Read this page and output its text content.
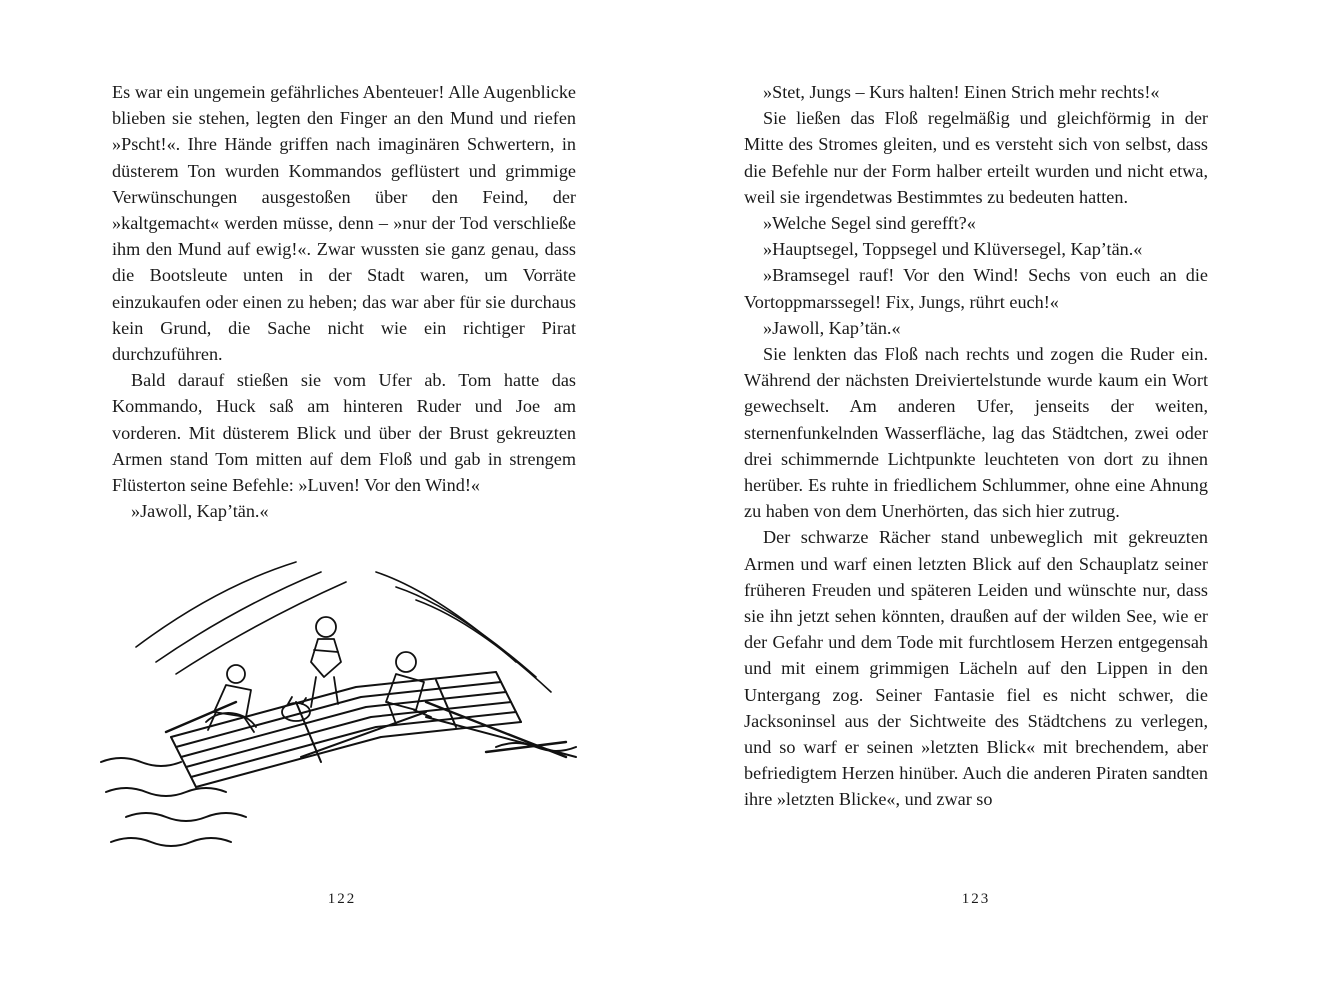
Es war ein ungemein gefährliches Abenteuer! Alle Augenblicke blieben sie stehen, legten den Finger an den Mund und riefen »Pscht!«. Ihre Hände griffen nach imaginären Schwertern, in düsterem Ton wurden Kommandos geflüstert und grimmige Verwünschungen ausgestoßen über den Feind, der »kaltgemacht« werden müsse, denn – »nur der Tod verschließe ihm den Mund auf ewig!«. Zwar wussten sie ganz genau, dass die Bootsleute unten in der Stadt waren, um Vorräte einzukaufen oder einen zu heben; das war aber für sie durchaus kein Grund, die Sache nicht wie ein richtiger Pirat durchzuführen.

Bald darauf stießen sie vom Ufer ab. Tom hatte das Kommando, Huck saß am hinteren Ruder und Joe am vorderen. Mit düsterem Blick und über der Brust gekreuzten Armen stand Tom mitten auf dem Floß und gab in strengem Flüsterton seine Befehle: »Luven! Vor den Wind!«

»Jawoll, Kap’tän.«

122

»Stet, Jungs – Kurs halten! Einen Strich mehr rechts!«

Sie ließen das Floß regelmäßig und gleichförmig in der Mitte des Stromes gleiten, und es versteht sich von selbst, dass die Befehle nur der Form halber erteilt wurden und nicht etwa, weil sie irgendetwas Bestimmtes zu bedeuten hatten.

»Welche Segel sind gerefft?«

»Hauptsegel, Toppsegel und Klüversegel, Kap’tän.«

»Bramsegel rauf! Vor den Wind! Sechs von euch an die Vortoppmarssegel! Fix, Jungs, rührt euch!«

»Jawoll, Kap’tän.«

Sie lenkten das Floß nach rechts und zogen die Ruder ein. Während der nächsten Dreiviertelstunde wurde kaum ein Wort gewechselt. Am anderen Ufer, jenseits der weiten, sternenfunkelnden Wasserfläche, lag das Städtchen, zwei oder drei schimmernde Lichtpunkte leuchteten von dort zu ihnen herüber. Es ruhte in friedlichem Schlummer, ohne eine Ahnung zu haben von dem Unerhörten, das sich hier zutrug.

Der schwarze Rächer stand unbeweglich mit gekreuzten Armen und warf einen letzten Blick auf den Schauplatz seiner früheren Freuden und späteren Leiden und wünschte nur, dass sie ihn jetzt sehen könnten, draußen auf der wilden See, wie er der Gefahr und dem Tode mit furchtlosem Herzen entgegensah und mit einem grimmigen Lächeln auf den Lippen in den Untergang zog. Seiner Fantasie fiel es nicht schwer, die Jacksoninsel aus der Sichtweite des Städtchens zu verlegen, und so warf er seinen »letzten Blick« mit brechendem, aber befriedigtem Herzen hinüber. Auch die anderen Piraten sandten ihre »letzten Blicke«, und zwar so

123
